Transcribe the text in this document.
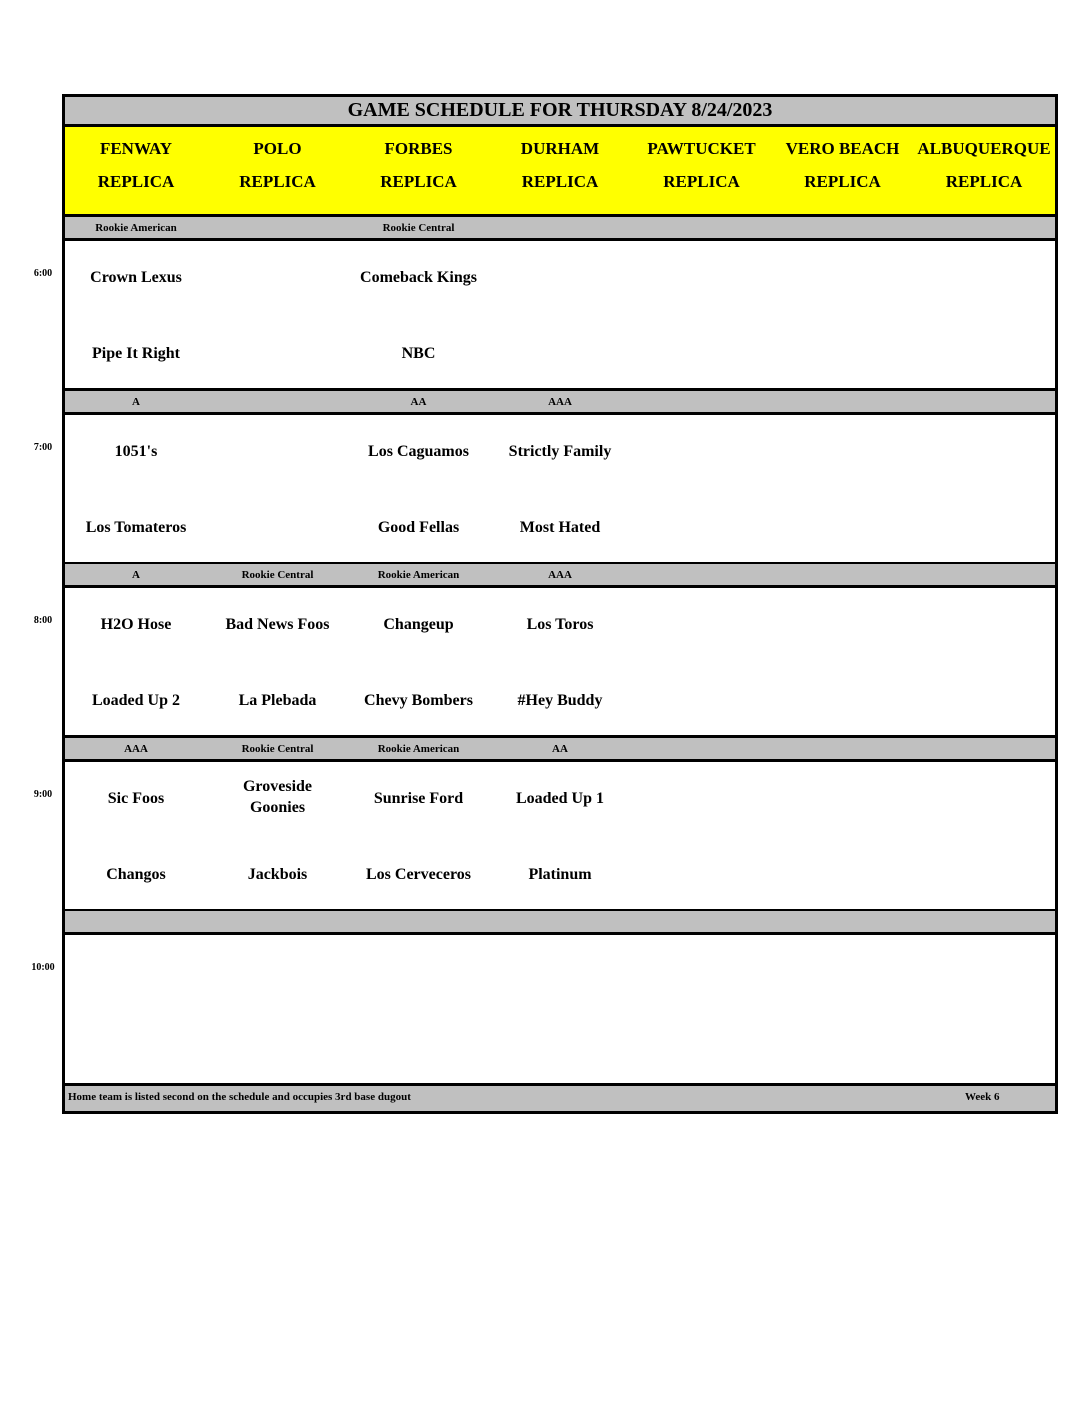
GAME SCHEDULE FOR THURSDAY 8/24/2023
Home team is listed second on the schedule and occupies 3rd base dugout	Week 6
FENWAY
REPLICA
POLO
REPLICA
FORBES
REPLICA
DURHAM
REPLICA
PAWTUCKET
REPLICA
VERO BEACH
REPLICA
ALBUQUERQUE
REPLICA
Rookie American
Crown Lexus
Pipe It Right
Rookie Central
Comeback Kings
NBC
A
1051's
Los Tomateros
AA
Los Caguamos
Good Fellas
AAA
Strictly Family
Most Hated
A
H2O Hose
Loaded Up 2
Rookie Central
Bad News Foos
La Plebada
Rookie American
Changeup
Chevy Bombers
AAA
Los Toros
#Hey Buddy
AAA
Sic Foos
Changos
Rookie Central
Groveside Goonies
Jackbois
Rookie American
Sunrise Ford
Los Cerveceros
AA
Loaded Up 1
Platinum
6:00
7:00
8:00
9:00
10:00
